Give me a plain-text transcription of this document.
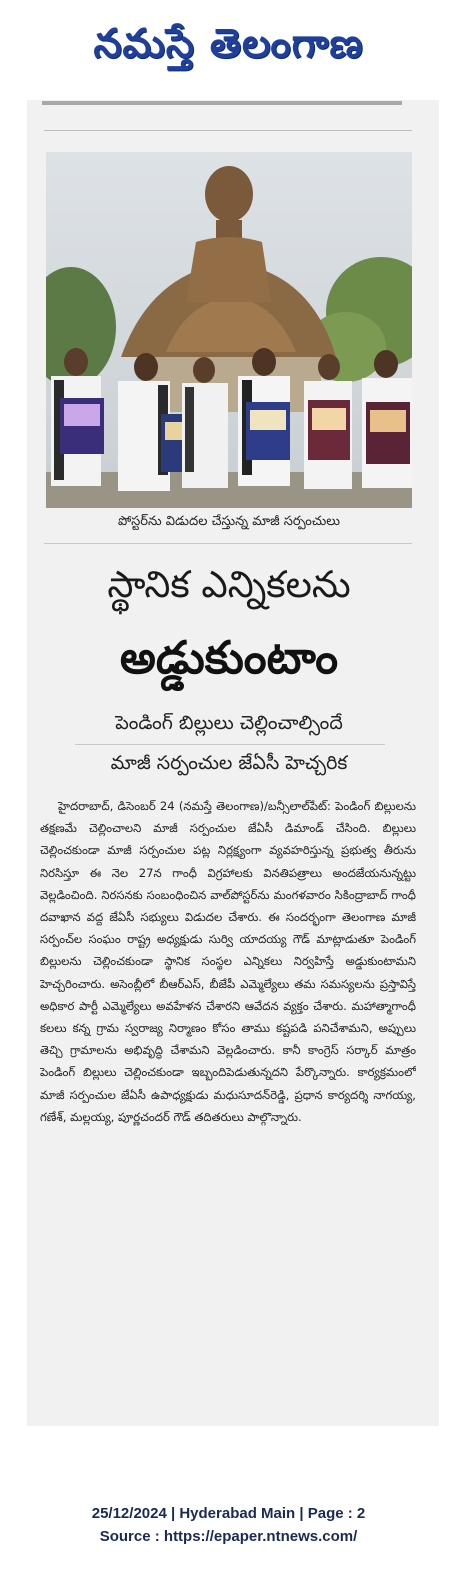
నమస్తే తెలంగాణ
పోస్టర్‌ను విడుదల చేస్తున్న మాజీ సర్పంచులు
స్థానిక ఎన్నికలను
అడ్డుకుంటాం
పెండింగ్‌ బిల్లులు చెల్లించాల్సిందే
మాజీ సర్పంచుల జేఏసీ హెచ్చరిక
హైదరాబాద్‌, డిసెంబర్‌ 24 (నమస్తే తెలంగాణ)/బన్సీలాల్‌పేట్‌: పెండింగ్‌ బిల్లులను తక్షణమే చెల్లించాలని మాజీ సర్పంచుల జేఏసీ డిమాండ్‌ చేసింది. బిల్లులు చెల్లించకుండా మాజీ సర్పంచుల పట్ల నిర్లక్ష్యంగా వ్యవహరిస్తున్న ప్రభుత్వ తీరును నిరసిస్తూ ఈ నెల 27న గాంధీ విగ్రహాలకు వినతిపత్రాలు అందజేయనున్నట్టు వెల్లడించింది. నిరసనకు సంబంధించిన వాల్‌పోస్టర్‌ను మంగళవారం సికింద్రాబాద్‌ గాంధీ దవాఖాన వద్ద జేఏసీ సభ్యులు విడుదల చేశారు. ఈ సందర్భంగా తెలంగాణ మాజీ సర్పంచ్‌ల సంఘం రాష్ట్ర అధ్యక్షుడు సుర్వి యాదయ్య గౌడ్‌ మాట్లాడుతూ పెండింగ్‌ బిల్లులను చెల్లించకుండా స్థానిక సంస్థల ఎన్నికలు నిర్వహిస్తే అడ్డుకుంటామని హెచ్చరించారు. అసెంబ్లీలో బీఆర్‌ఎస్‌, బీజేపీ ఎమ్మెల్యేలు తమ సమస్యలను ప్రస్తావిస్తే అధికార పార్టీ ఎమ్మెల్యేలు అవహేళన చేశారని ఆవేదన వ్యక్తం చేశారు. మహాత్మాగాంధీ కలలు కన్న గ్రామ స్వరాజ్య నిర్మాణం కోసం తాము కష్టపడి పనిచేశామని, అప్పులు తెచ్చి గ్రామాలను అభివృద్ధి చేశామని వెల్లడించారు. కానీ కాంగ్రెస్‌ సర్కార్‌ మాత్రం పెండింగ్‌ బిల్లులు చెల్లించకుండా ఇబ్బందిపెడుతున్నదని పేర్కొన్నారు. కార్యక్రమంలో మాజీ సర్పంచుల జేఏసీ ఉపాధ్యక్షుడు మధుసూదన్‌రెడ్డి, ప్రధాన కార్యదర్శి నాగయ్య, గణేశ్‌, మల్లయ్య, పూర్ణచందర్‌ గౌడ్‌ తదితరులు పాల్గొన్నారు.
25/12/2024 | Hyderabad Main | Page : 2
Source : https://epaper.ntnews.com/
